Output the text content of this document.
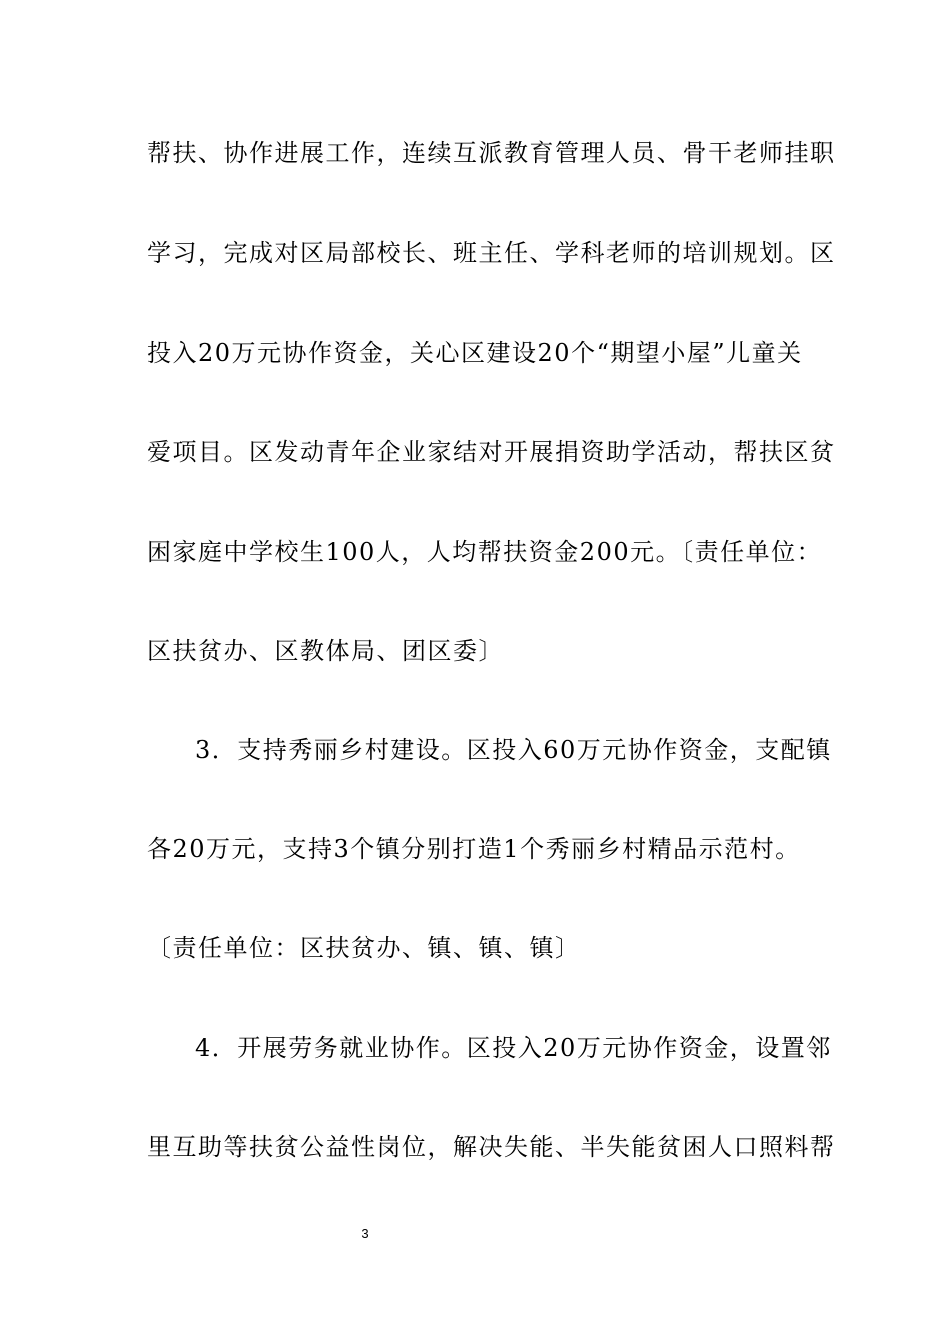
帮扶、协作进展工作，连续互派教育管理人员、骨干老师挂职
学习，完成对区局部校长、班主任、学科老师的培训规划。区
投入20万元协作资金，关心区建设20个“期望小屋”儿童关
爱项目。区发动青年企业家结对开展捐资助学活动，帮扶区贫
困家庭中学校生100人，人均帮扶资金200元。〔责任单位：
区扶贫办、区教体局、团区委〕
3．支持秀丽乡村建设。区投入60万元协作资金，支配镇
各20万元，支持3个镇分别打造1个秀丽乡村精品示范村。
〔责任单位：区扶贫办、镇、镇、镇〕
4．开展劳务就业协作。区投入20万元协作资金，设置邻
里互助等扶贫公益性岗位，解决失能、半失能贫困人口照料帮
3
